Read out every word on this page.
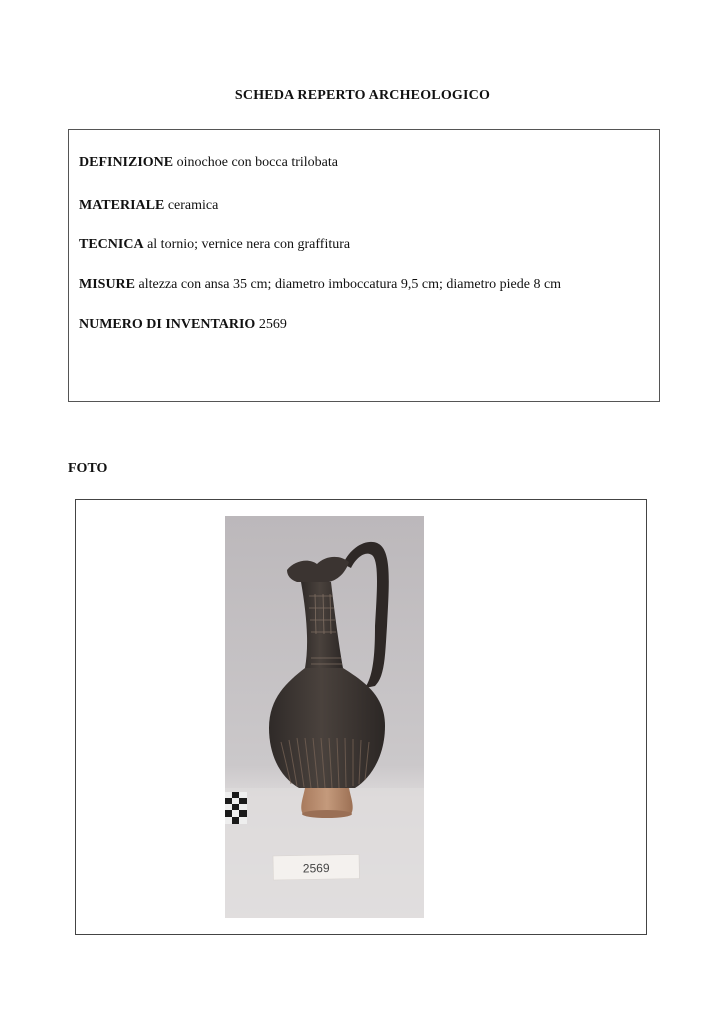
SCHEDA REPERTO ARCHEOLOGICO
DEFINIZIONE oinochoe con bocca trilobata
MATERIALE ceramica
TECNICA al tornio; vernice nera con graffitura
MISURE altezza con ansa 35 cm; diametro imboccatura 9,5 cm; diametro piede 8 cm
NUMERO DI INVENTARIO 2569
FOTO
2569
